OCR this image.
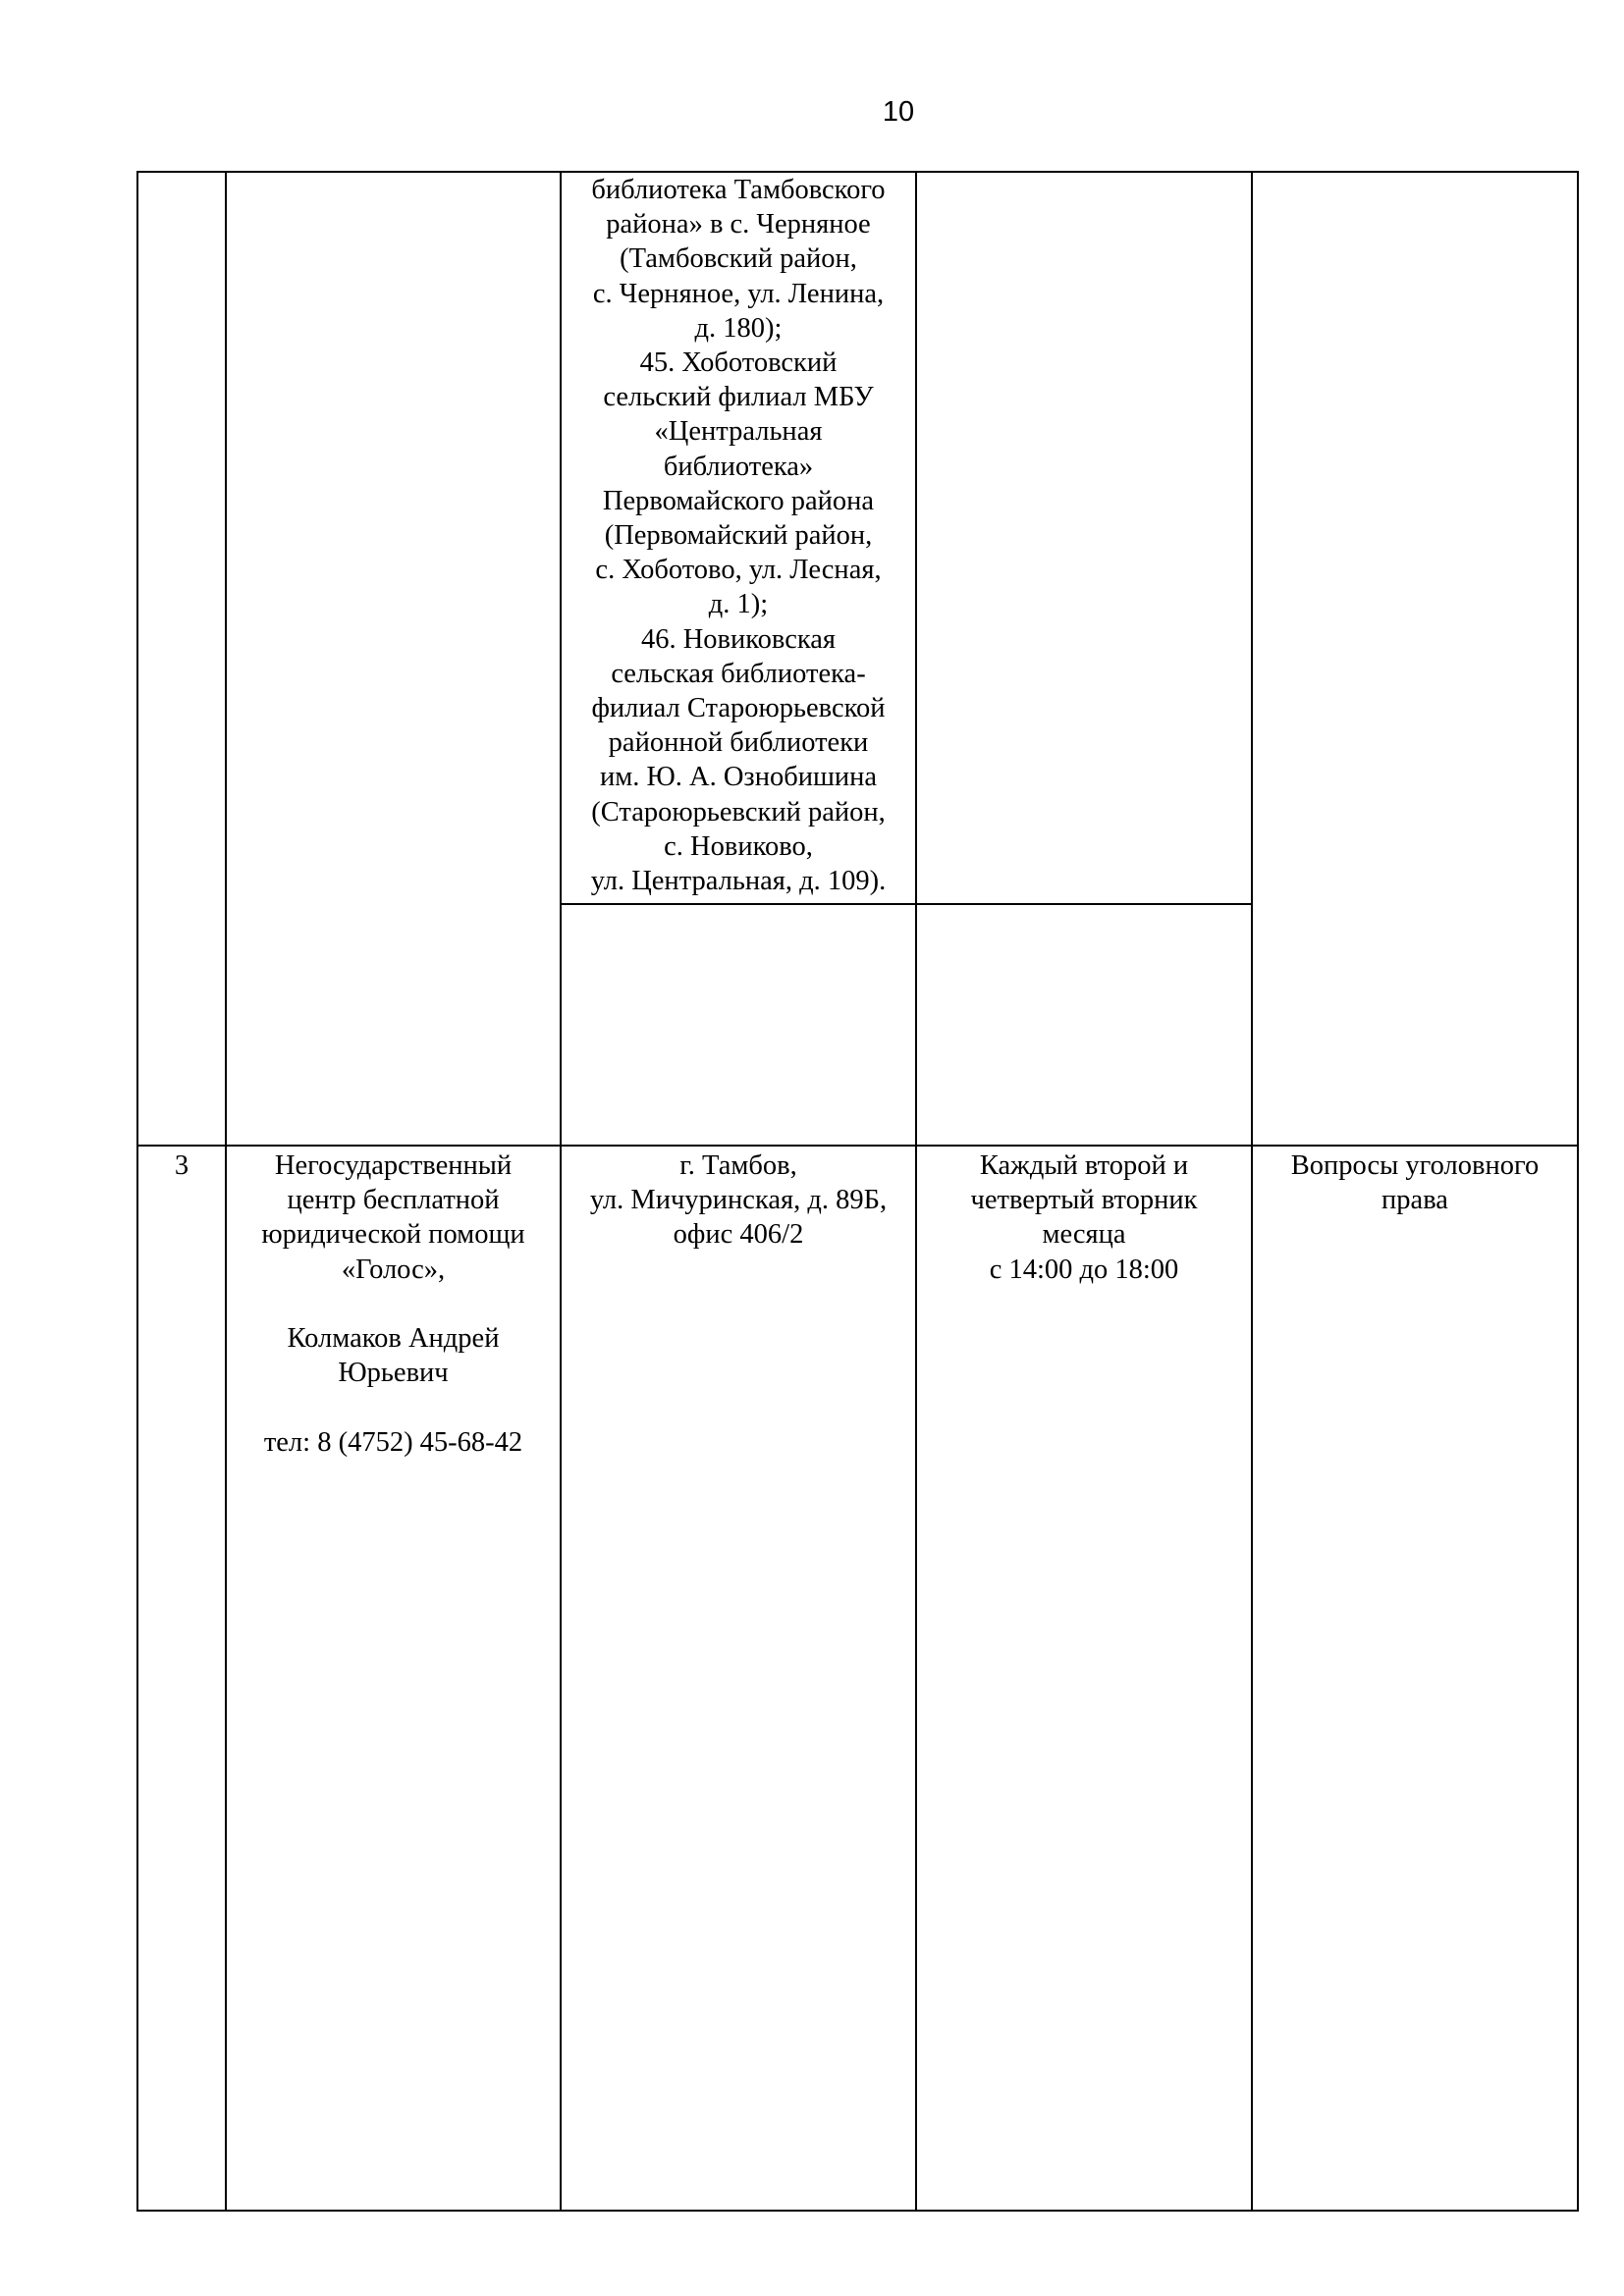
10
библиотека Тамбовского
района» в с. Черняное
(Тамбовский район,
с. Черняное, ул. Ленина,
д. 180);
45. Хоботовский
сельский филиал МБУ
«Центральная
библиотека»
Первомайского района
(Первомайский район,
с. Хоботово, ул. Лесная,
д. 1);
46. Новиковская
сельская библиотека-
филиал Староюрьевской
районной библиотеки
им. Ю. А. Ознобишина
(Староюрьевский район,
с. Новиково,
ул. Центральная, д. 109).
3	Негосударственный
центр бесплатной
юридической помощи
«Голос»,

Колмаков Андрей
Юрьевич

тел: 8 (4752) 45-68-42
г. Тамбов,
ул. Мичуринская, д. 89Б,
офис 406/2
Каждый второй и
четвертый вторник
месяца
с 14:00 до 18:00
Вопросы уголовного
права
